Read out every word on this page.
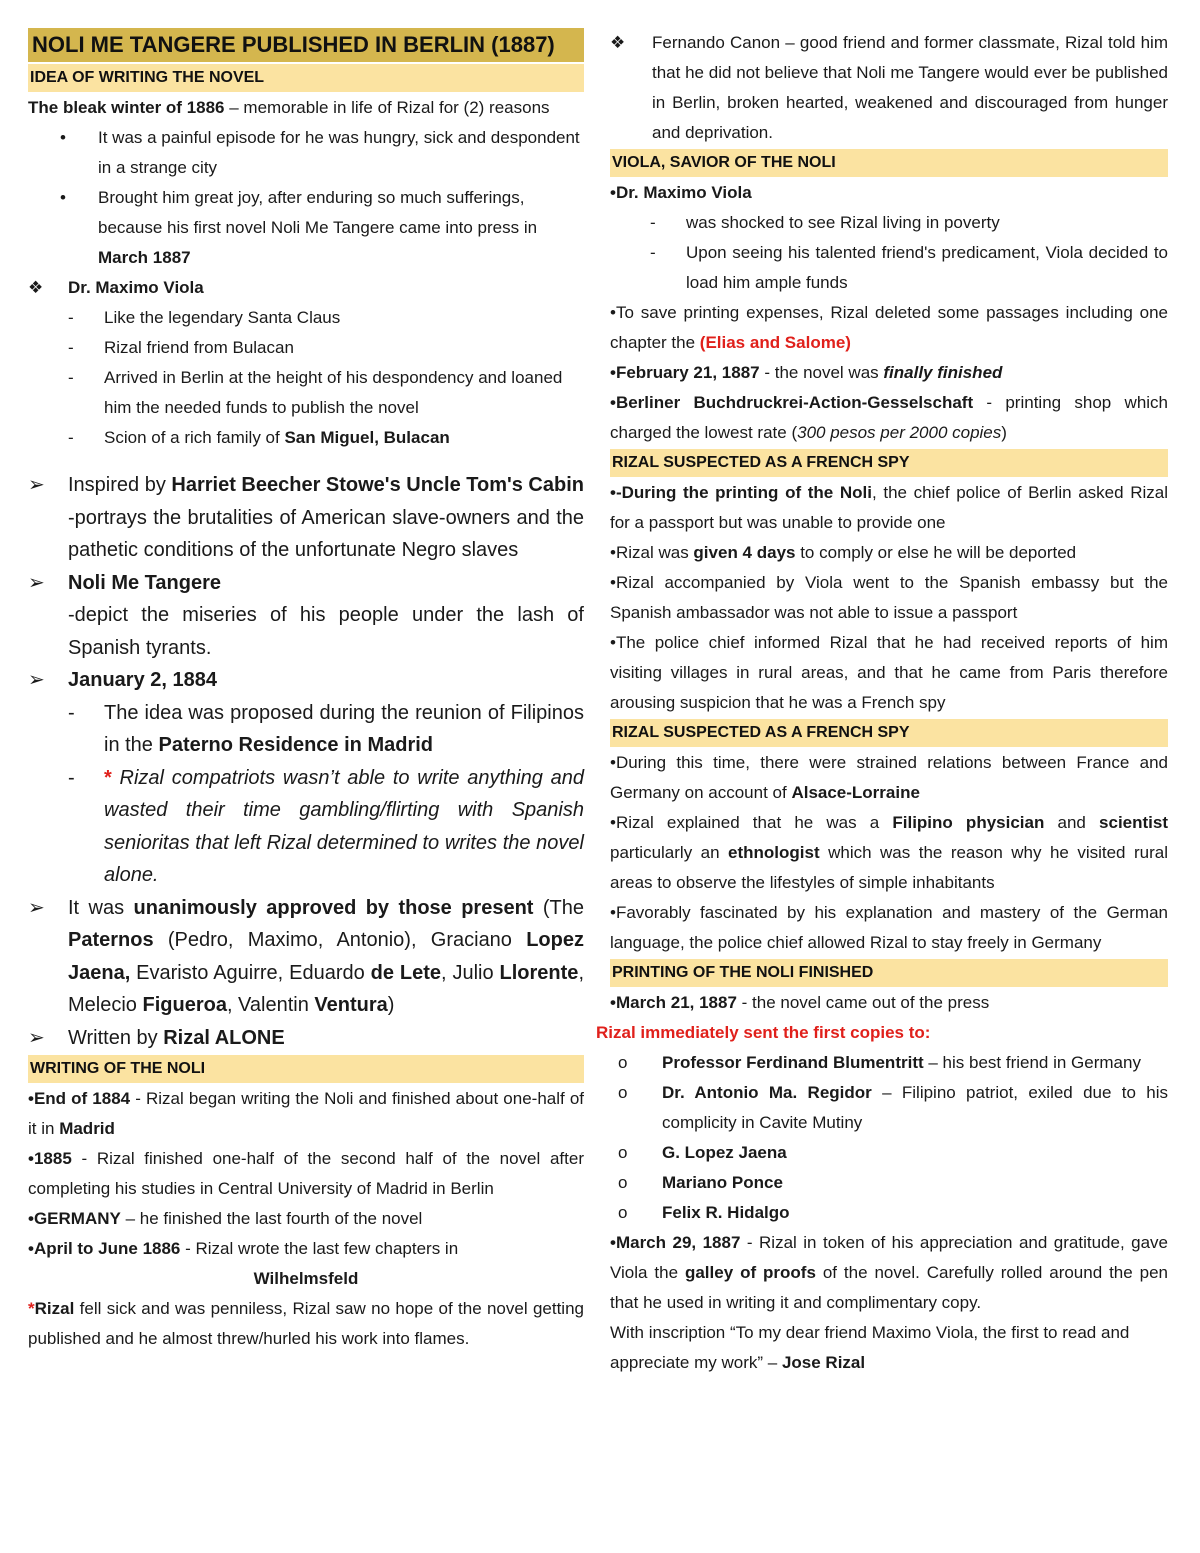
NOLI ME TANGERE PUBLISHED IN BERLIN (1887)
IDEA OF WRITING THE NOVEL

The bleak winter of 1886 – memorable in life of Rizal for (2) reasons

•	It was a painful episode for he was hungry, sick and despondent in a strange city
•	Brought him great joy, after enduring so much sufferings, because his first novel Noli Me Tangere came into press in March 1887
❖	Dr. Maximo Viola
-	Like the legendary Santa Claus
-	Rizal friend from Bulacan
-	Arrived in Berlin at the height of his despondency and loaned him the needed funds to publish the novel
-	Scion of a rich family of San Miguel, Bulacan
➢	Inspired by Harriet Beecher Stowe's Uncle Tom's Cabin
-portrays the brutalities of American slave-owners and the pathetic conditions of the unfortunate Negro slaves
➢	Noli Me Tangere
-depict the miseries of his people under the lash of Spanish tyrants.
➢	January 2, 1884
-	The idea was proposed during the reunion of Filipinos in the Paterno Residence in Madrid
-	* Rizal compatriots wasn’t able to write anything and wasted their time gambling/flirting with Spanish senioritas that left Rizal determined to writes the novel alone.
➢	It was unanimously approved by those present (The Paternos (Pedro, Maximo, Antonio), Graciano Lopez Jaena, Evaristo Aguirre, Eduardo de Lete, Julio Llorente, Melecio Figueroa, Valentin Ventura)
➢	Written by Rizal ALONE
WRITING OF THE NOLI

•End of 1884 - Rizal began writing the Noli and finished about one-half of it in Madrid

•1885 - Rizal finished one-half of the second half of the novel after completing his studies in Central University of Madrid in Berlin

•GERMANY – he finished the last fourth of the novel

•April to June 1886 - Rizal wrote the last few chapters in

Wilhelmsfeld

*Rizal fell sick and was penniless, Rizal saw no hope of the novel getting published and he almost threw/hurled his work into flames.

❖	Fernando Canon – good friend and former classmate, Rizal told him that he did not believe that Noli me Tangere would ever be published in Berlin, broken hearted, weakened and discouraged from hunger and deprivation.
VIOLA, SAVIOR OF THE NOLI

•Dr. Maximo Viola

-	was shocked to see Rizal living in poverty
-	Upon seeing his talented friend's predicament, Viola decided to load him ample funds

•To save printing expenses, Rizal deleted some passages including one chapter the (Elias and Salome)

•February 21, 1887 - the novel was finally finished

•Berliner Buchdruckrei-Action-Gesselschaft - printing shop which charged the lowest rate (300 pesos per 2000 copies)

RIZAL SUSPECTED AS A FRENCH SPY

•-During the printing of the Noli, the chief police of Berlin asked Rizal for a passport but was unable to provide one

•Rizal was given 4 days to comply or else he will be deported

•Rizal accompanied by Viola went to the Spanish embassy but the Spanish ambassador was not able to issue a passport

•The police chief informed Rizal that he had received reports of him visiting villages in rural areas, and that he came from Paris therefore arousing suspicion that he was a French spy

RIZAL SUSPECTED AS A FRENCH SPY

•During this time, there were strained relations between France and Germany on account of Alsace-Lorraine

•Rizal explained that he was a Filipino physician and scientist particularly an ethnologist which was the reason why he visited rural areas to observe the lifestyles of simple inhabitants

•Favorably fascinated by his explanation and mastery of the German language, the police chief allowed Rizal to stay freely in Germany

PRINTING OF THE NOLI FINISHED

•March 21, 1887 - the novel came out of the press

Rizal immediately sent the first copies to:

o	Professor Ferdinand Blumentritt – his best friend in Germany
o	Dr. Antonio Ma. Regidor – Filipino patriot, exiled due to his complicity in Cavite Mutiny
o	G. Lopez Jaena
o	Mariano Ponce
o	Felix R. Hidalgo

•March 29, 1887 - Rizal in token of his appreciation and gratitude, gave Viola the galley of proofs of the novel. Carefully rolled around the pen that he used in writing it and complimentary copy.

With inscription “To my dear friend Maximo Viola, the first to read and appreciate my work” – Jose Rizal
